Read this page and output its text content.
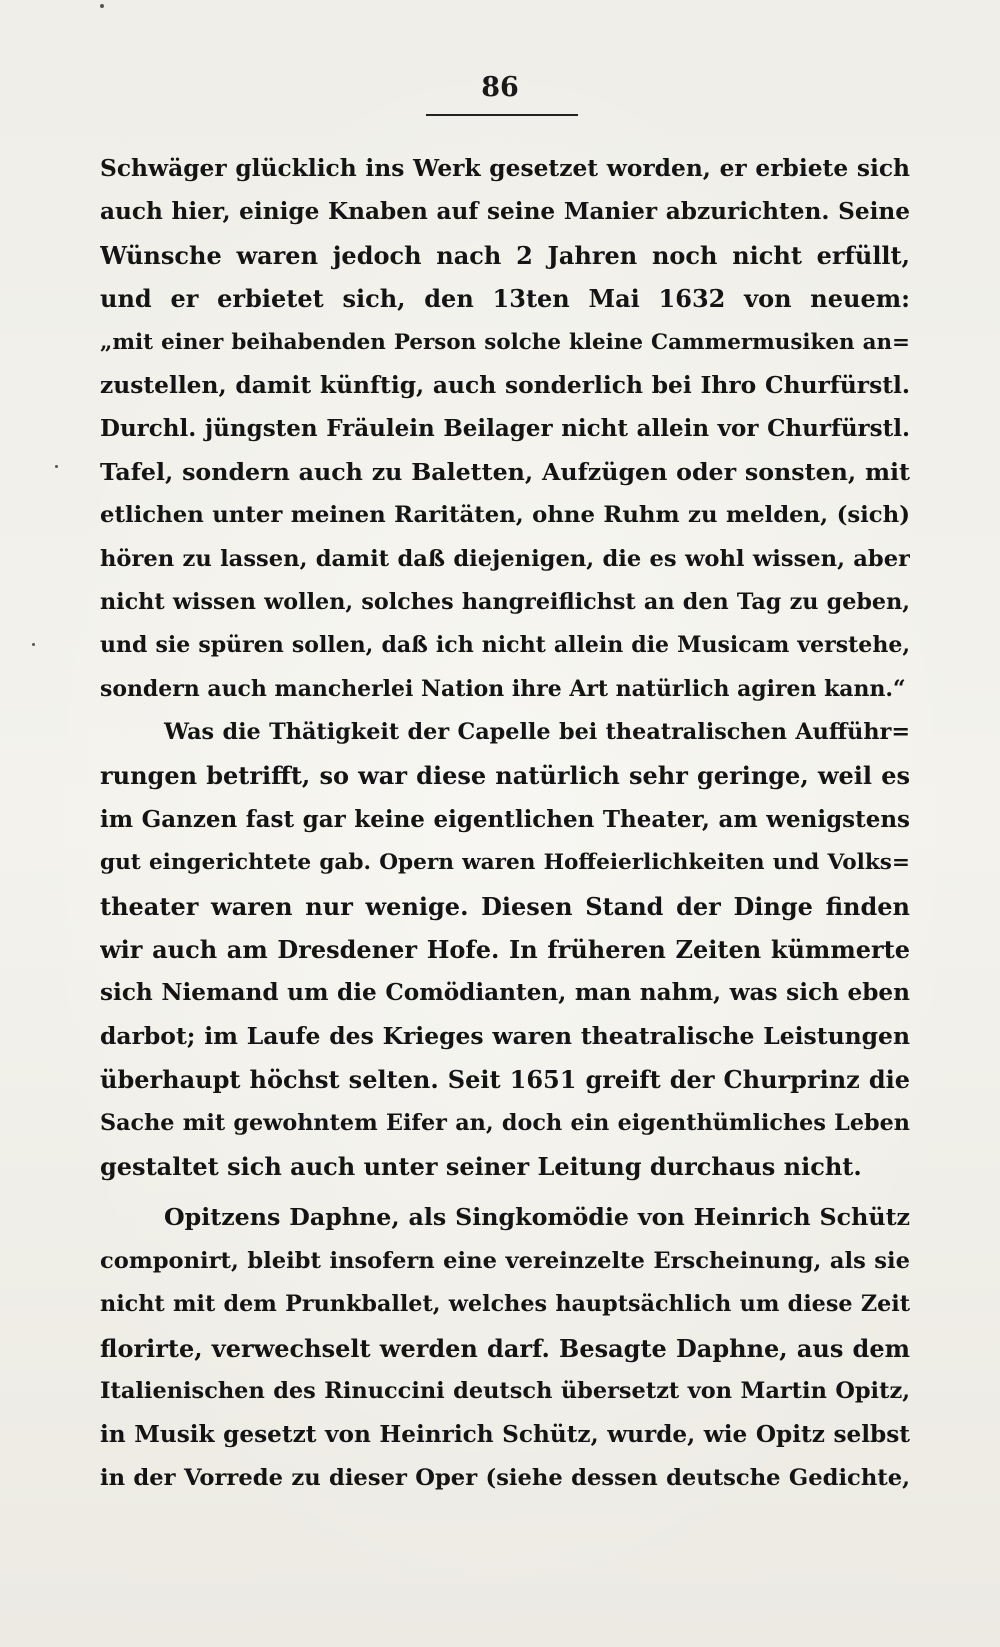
86
Schwäger glücklich ins Werk gesetzet worden, er erbiete sich
auch hier, einige Knaben auf seine Manier abzurichten. Seine
Wünsche waren jedoch nach 2 Jahren noch nicht erfüllt,
und er erbietet sich, den 13ten Mai 1632 von neuem:
„mit einer beihabenden Person solche kleine Cammermusiken an=
zustellen, damit künftig, auch sonderlich bei Ihro Churfürstl.
Durchl. jüngsten Fräulein Beilager nicht allein vor Churfürstl.
Tafel, sondern auch zu Baletten, Aufzügen oder sonsten, mit
etlichen unter meinen Raritäten, ohne Ruhm zu melden, (sich)
hören zu lassen, damit daß diejenigen, die es wohl wissen, aber
nicht wissen wollen, solches hangreiflichst an den Tag zu geben,
und sie spüren sollen, daß ich nicht allein die Musicam verstehe,
sondern auch mancherlei Nation ihre Art natürlich agiren kann.“
Was die Thätigkeit der Capelle bei theatralischen Aufführ=
rungen betrifft, so war diese natürlich sehr geringe, weil es
im Ganzen fast gar keine eigentlichen Theater, am wenigstens
gut eingerichtete gab. Opern waren Hoffeierlichkeiten und Volks=
theater waren nur wenige. Diesen Stand der Dinge finden
wir auch am Dresdener Hofe. In früheren Zeiten kümmerte
sich Niemand um die Comödianten, man nahm, was sich eben
darbot; im Laufe des Krieges waren theatralische Leistungen
überhaupt höchst selten. Seit 1651 greift der Churprinz die
Sache mit gewohntem Eifer an, doch ein eigenthümliches Leben
gestaltet sich auch unter seiner Leitung durchaus nicht.
Opitzens Daphne, als Singkomödie von Heinrich Schütz
componirt, bleibt insofern eine vereinzelte Erscheinung, als sie
nicht mit dem Prunkballet, welches hauptsächlich um diese Zeit
florirte, verwechselt werden darf. Besagte Daphne, aus dem
Italienischen des Rinuccini deutsch übersetzt von Martin Opitz,
in Musik gesetzt von Heinrich Schütz, wurde, wie Opitz selbst
in der Vorrede zu dieser Oper (siehe dessen deutsche Gedichte,
